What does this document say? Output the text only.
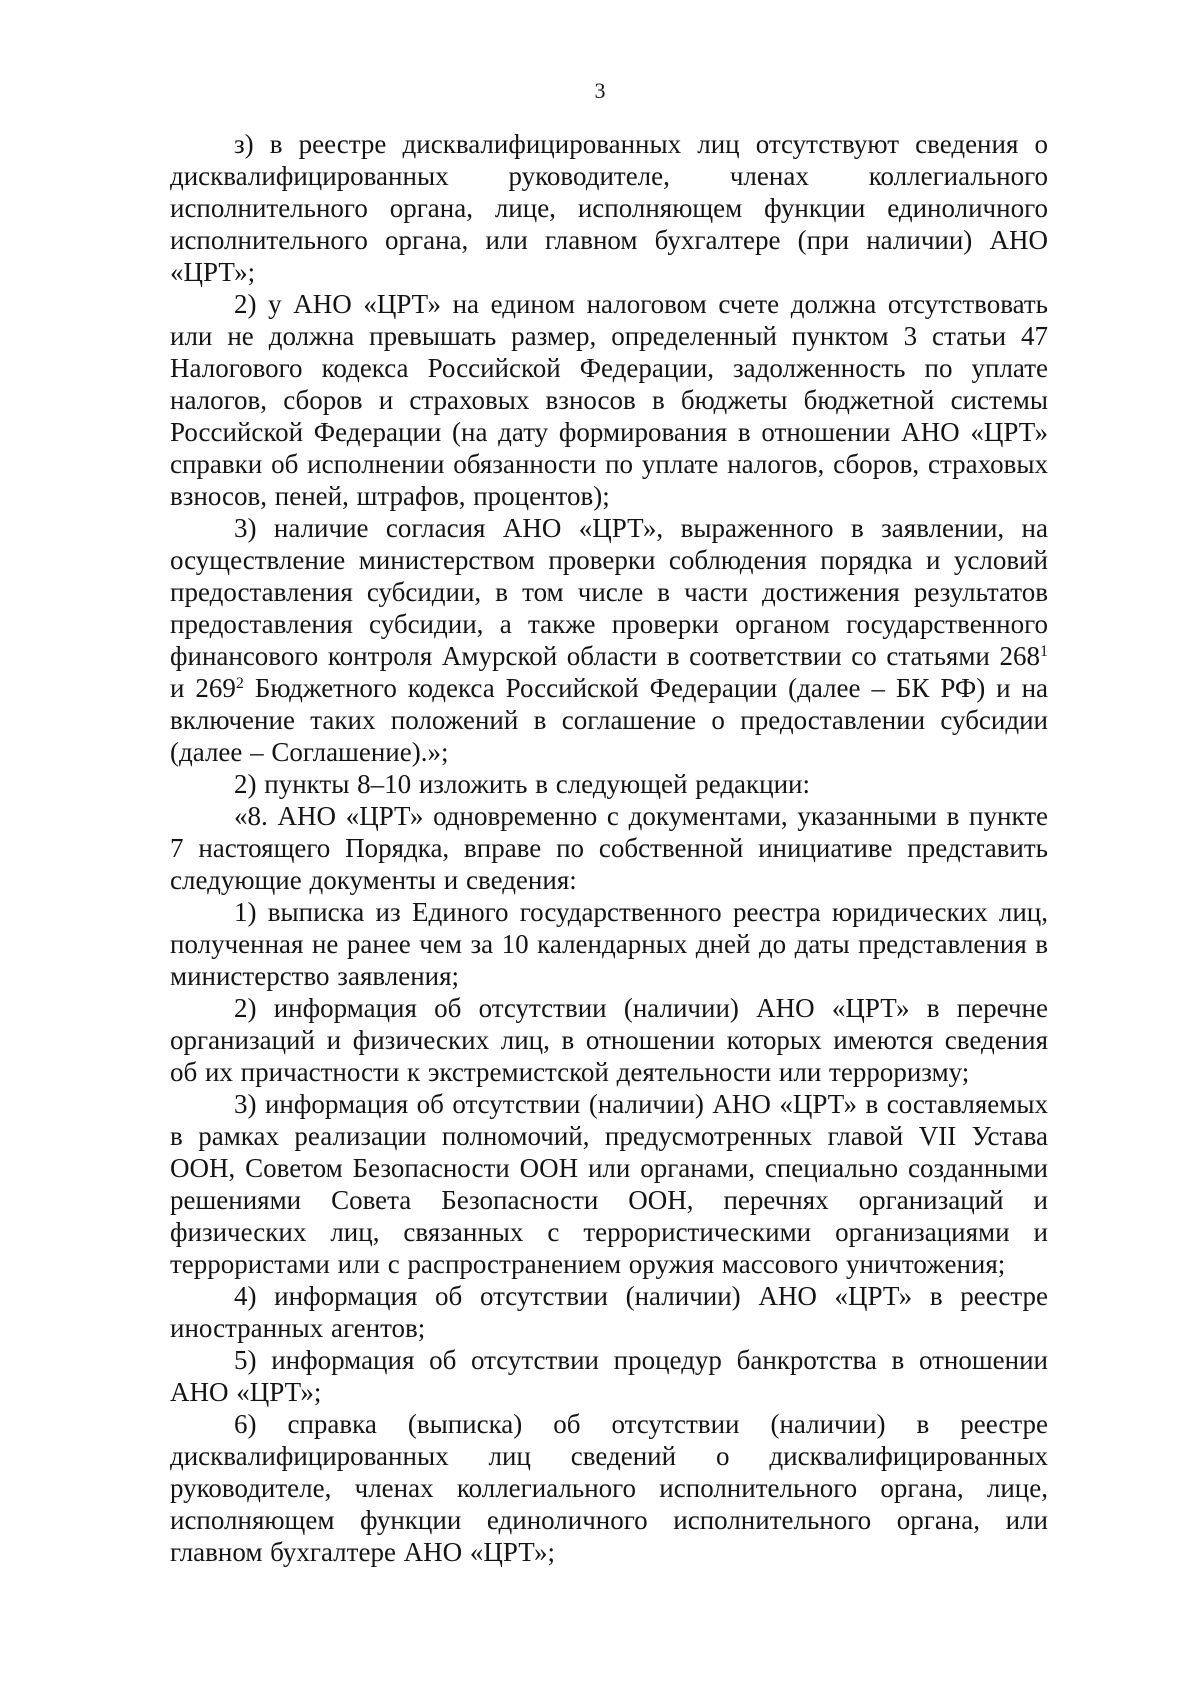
3

з) в реестре дисквалифицированных лиц отсутствуют сведения о дисквалифицированных руководителе, членах коллегиального исполнительного органа, лице, исполняющем функции единоличного исполнительного органа, или главном бухгалтере (при наличии) АНО «ЦРТ»;

2) у АНО «ЦРТ» на едином налоговом счете должна отсутствовать или не должна превышать размер, определенный пунктом 3 статьи 47 Налогового кодекса Российской Федерации, задолженность по уплате налогов, сборов и страховых взносов в бюджеты бюджетной системы Российской Федерации (на дату формирования в отношении АНО «ЦРТ» справки об исполнении обязанности по уплате налогов, сборов, страховых взносов, пеней, штрафов, процентов);

3) наличие согласия АНО «ЦРТ», выраженного в заявлении, на осуществление министерством проверки соблюдения порядка и условий предоставления субсидии, в том числе в части достижения результатов предоставления субсидии, а также проверки органом государственного финансового контроля Амурской области в соответствии со статьями $268^1$ и $269^2$ Бюджетного кодекса Российской Федерации (далее – БК РФ) и на включение таких положений в соглашение о предоставлении субсидии (далее – Соглашение).»;

2) пункты 8–10 изложить в следующей редакции:

«8. АНО «ЦРТ» одновременно с документами, указанными в пункте 7 настоящего Порядка, вправе по собственной инициативе представить следующие документы и сведения:

1) выписка из Единого государственного реестра юридических лиц, полученная не ранее чем за 10 календарных дней до даты представления в министерство заявления;

2) информация об отсутствии (наличии) АНО «ЦРТ» в перечне организаций и физических лиц, в отношении которых имеются сведения об их причастности к экстремистской деятельности или терроризму;

3) информация об отсутствии (наличии) АНО «ЦРТ» в составляемых в рамках реализации полномочий, предусмотренных главой VII Устава ООН, Советом Безопасности ООН или органами, специально созданными решениями Совета Безопасности ООН, перечнях организаций и физических лиц, связанных с террористическими организациями и террористами или с распространением оружия массового уничтожения;

4) информация об отсутствии (наличии) АНО «ЦРТ» в реестре иностранных агентов;

5) информация об отсутствии процедур банкротства в отношении АНО «ЦРТ»;

6) справка (выписка) об отсутствии (наличии) в реестре дисквалифицированных лиц сведений о дисквалифицированных руководителе, членах коллегиального исполнительного органа, лице, исполняющем функции единоличного исполнительного органа, или главном бухгалтере АНО «ЦРТ»;
